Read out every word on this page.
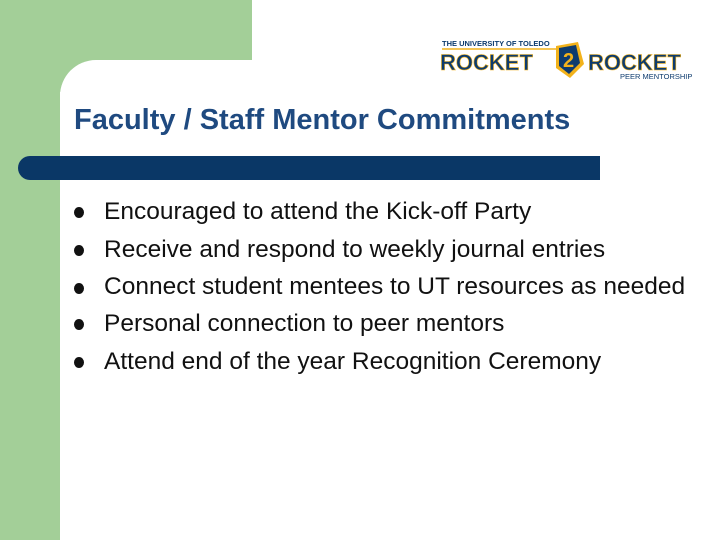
THE UNIVERSITY OF TOLEDO
ROCKET 2 ROCKET
PEER MENTORSHIP
Faculty / Staff Mentor Commitments
Encouraged to attend the Kick-off Party
Receive and respond to weekly journal entries
Connect student mentees to UT resources as needed
Personal connection to peer mentors
Attend end of the year Recognition Ceremony
